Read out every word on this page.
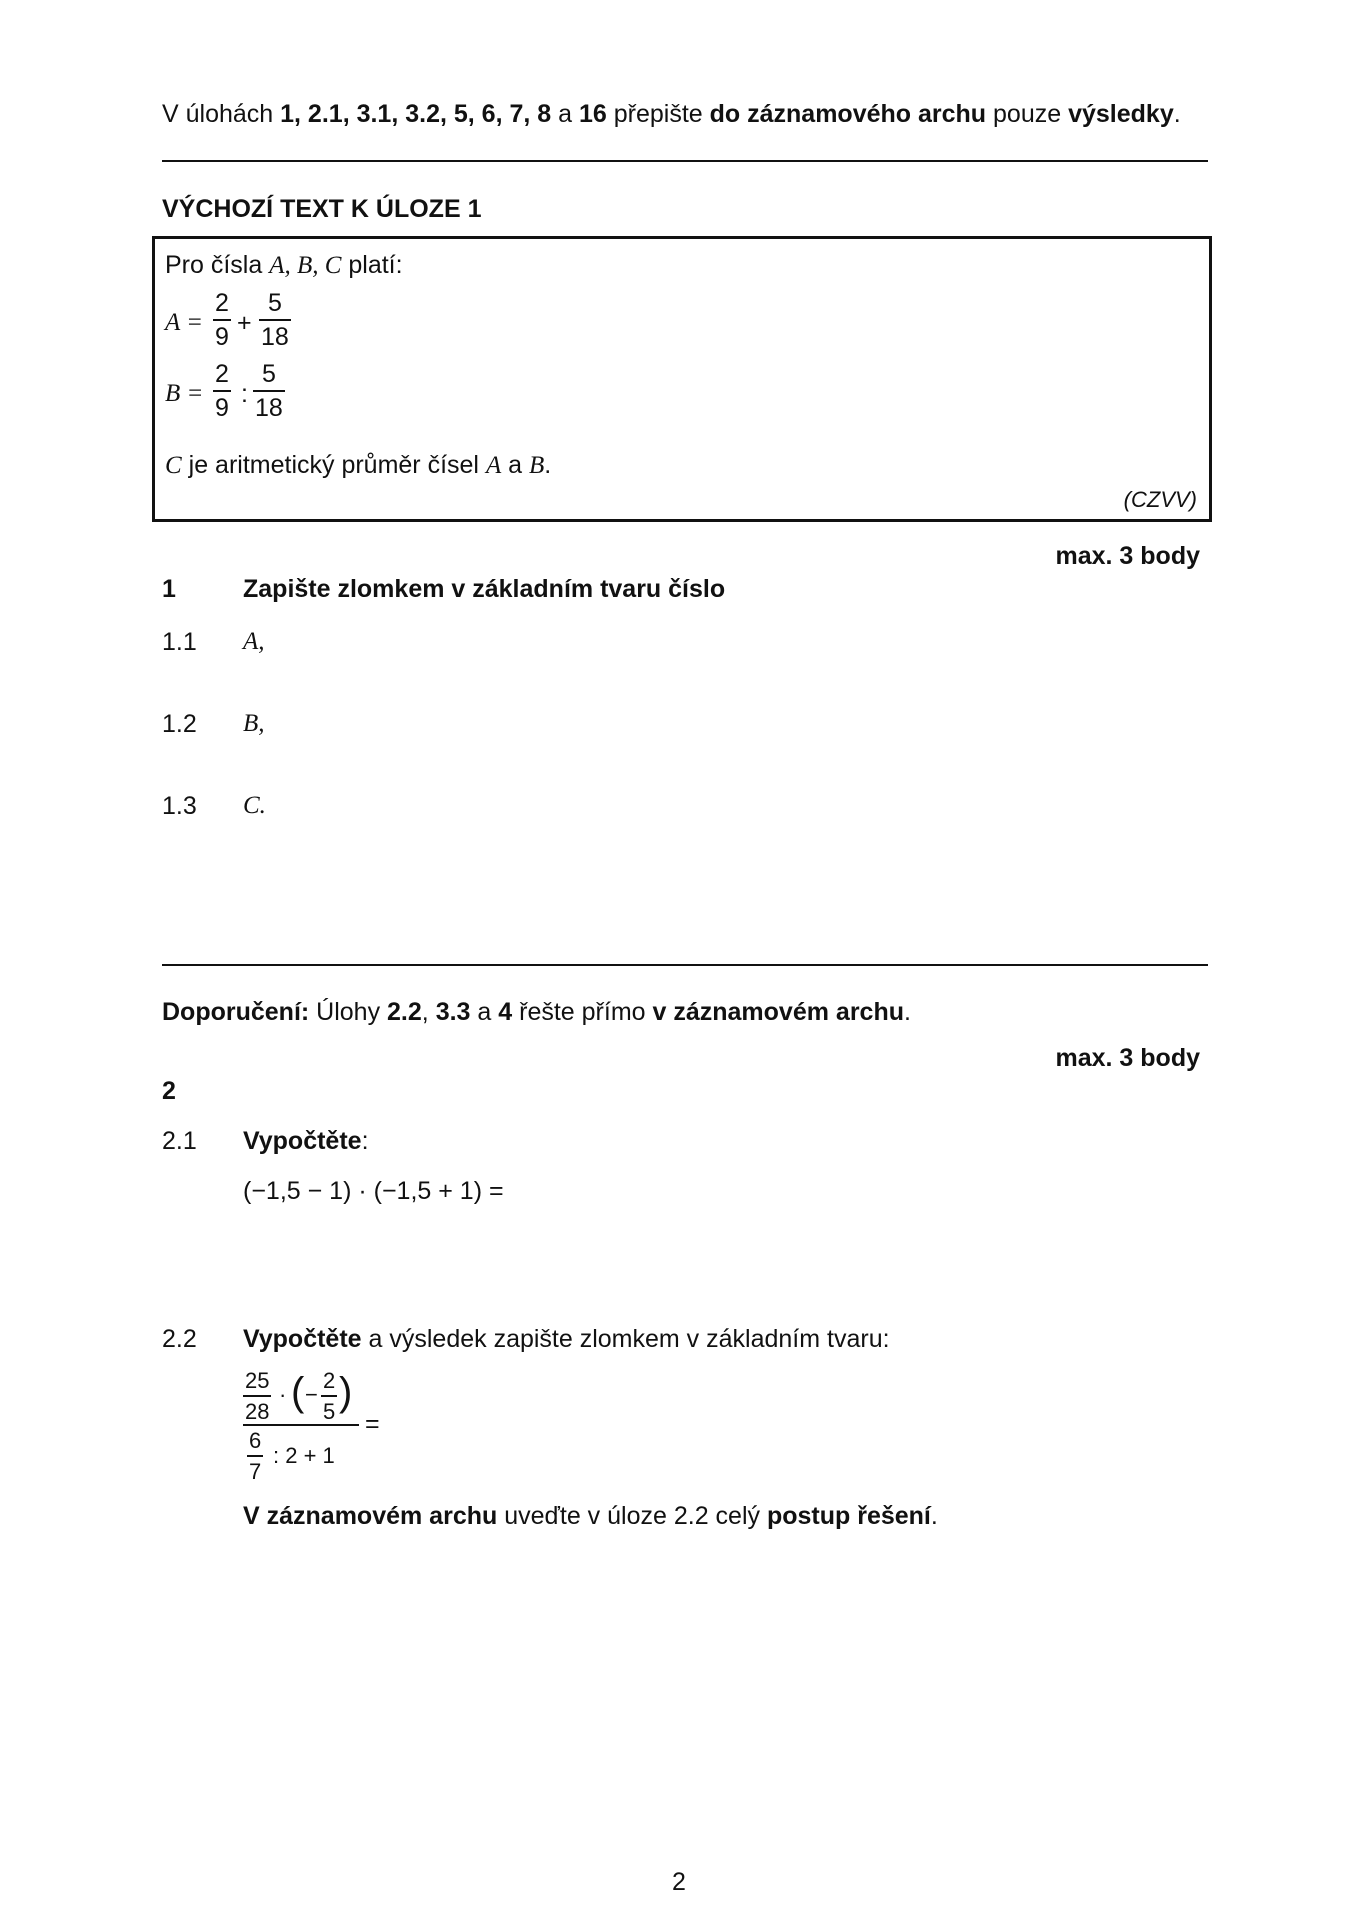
V úlohách 1, 2.1, 3.1, 3.2, 5, 6, 7, 8 a 16 přepište do záznamového archu pouze výsledky.
VÝCHOZÍ TEXT K ÚLOZE 1
Pro čísla A, B, C platí:
$A = \frac{2}{9} + \frac{5}{18}$
$B = \frac{2}{9}$ : $\frac{5}{18}$
C je aritmetický průměr čísel A a B.
(CZVV)
max. 3 body
1	Zapište zlomkem v základním tvaru číslo
1.1 A,
1.2 B,
1.3 C.
Doporučení: Úlohy 2.2, 3.3 a 4 řešte přímo v záznamovém archu.
max. 3 body
2
2.1 Vypočtěte:
(−1,5 − 1) · (−1,5 + 1) =
2.2 Vypočtěte a výsledek zapište zlomkem v základním tvaru:
$\frac{25}{28}$ · ( − $\frac{2}{5}$ )
$\frac{6}{7}$ : 2 + 1
=
V záznamovém archu uveďte v úloze 2.2 celý postup řešení.
2
